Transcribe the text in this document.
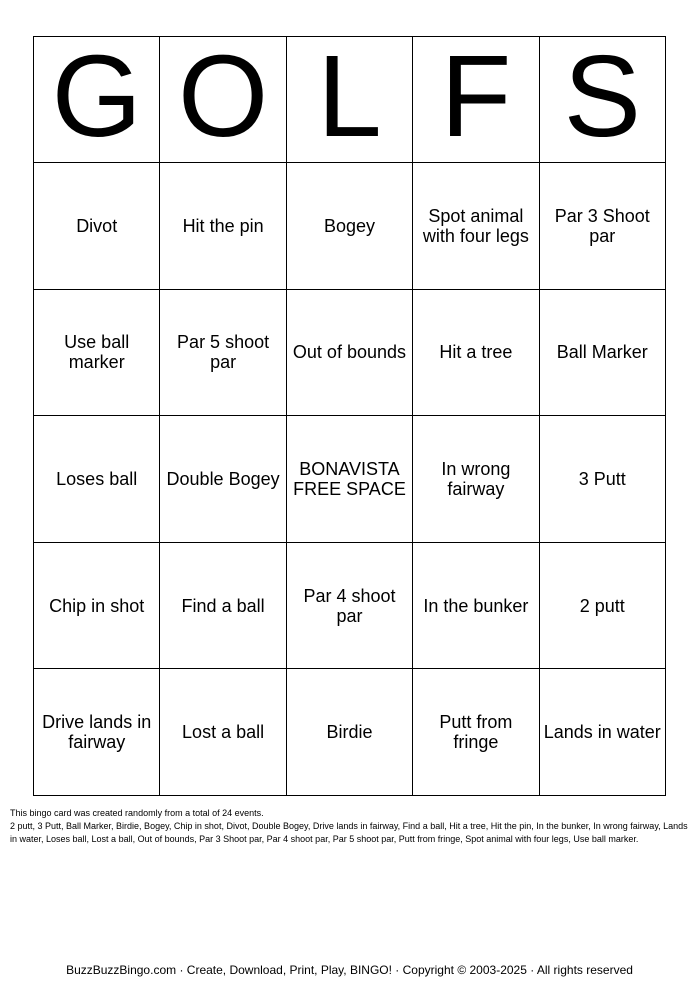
G	O	L	F	S
Divot	Hit the pin	Bogey	Spot animal with four legs	Par 3 Shoot par
Use ball marker	Par 5 shoot par	Out of bounds	Hit a tree	Ball Marker
Loses ball	Double Bogey	BONAVISTA FREE SPACE	In wrong fairway	3 Putt
Chip in shot	Find a ball	Par 4 shoot par	In the bunker	2 putt
Drive lands in fairway	Lost a ball	Birdie	Putt from fringe	Lands in water

This bingo card was created randomly from a total of 24 events.

2 putt, 3 Putt, Ball Marker, Birdie, Bogey, Chip in shot, Divot, Double Bogey, Drive lands in fairway, Find a ball, Hit a tree, Hit the pin, In the bunker, In wrong fairway, Lands in water, Loses ball, Lost a ball, Out of bounds, Par 3 Shoot par, Par 4 shoot par, Par 5 shoot par, Putt from fringe, Spot animal with four legs, Use ball marker.

BuzzBuzzBingo.com · Create, Download, Print, Play, BINGO! · Copyright © 2003-2025 · All rights reserved
